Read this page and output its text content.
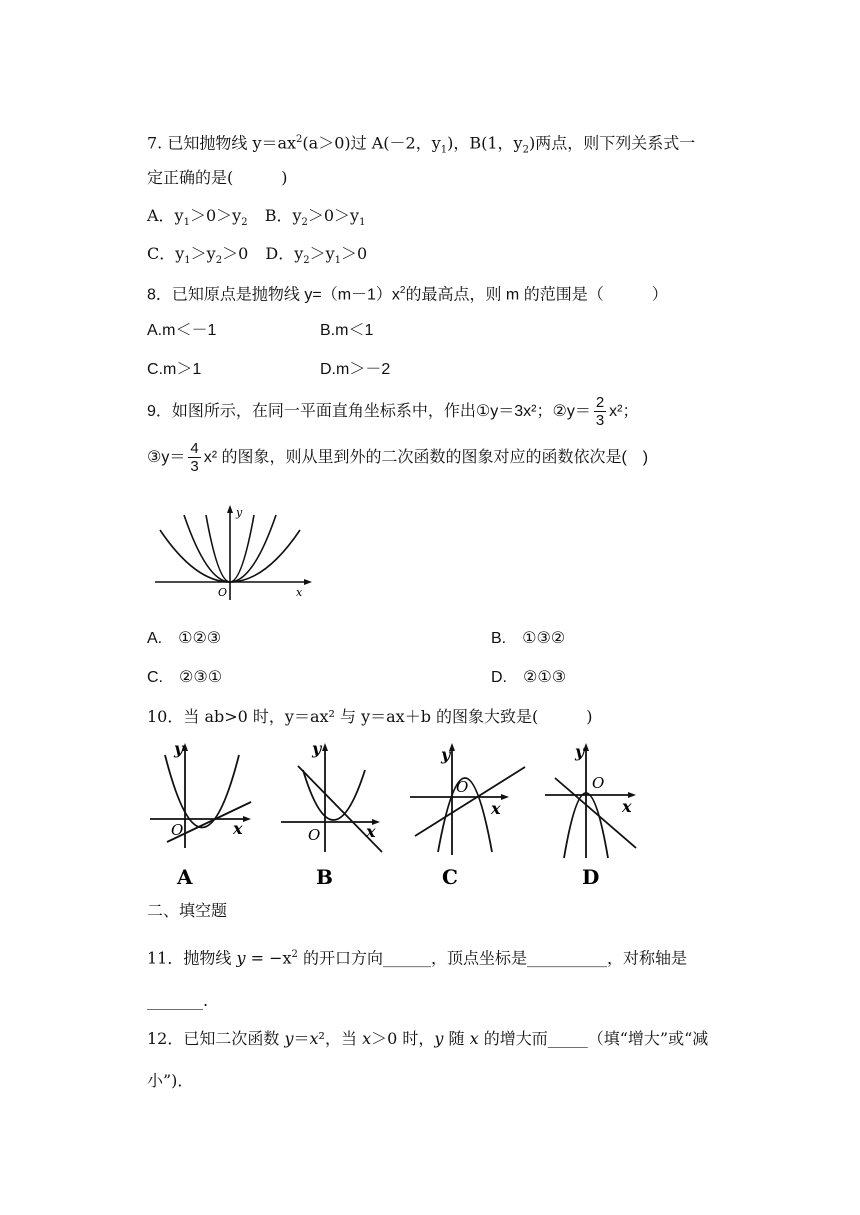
7. 已知抛物线 $y=ax^2(a>0)$过 A(－2，$y_1$)，B(1，$y_2$)两点，则下列关系式一
定正确的是(　　　)
A．$y_1>0>y_2$ B．$y_2>0>y_1$
C．$y_1>y_2>0$ D．$y_2>y_1>0$
8．已知原点是抛物线 $y=(m-1)x^2$的最高点，则 m 的范围是（　　　）
A.m＜－1	B.m＜1
C.m＞1	D.m＞－2
9．如图所示，在同一平面直角坐标系中，作出①y＝3x²；②y＝ $\frac{2}{3} x^2$；
③y＝ $\frac{4}{3} x^2$ 的图象，则从里到外的二次函数的图象对应的函数依次是(　)
y
x
O
A.　①②③	B.　①③②
C.　②③①	D.　②①③
10．当 ab>0 时，y＝ax² 与 y＝ax＋b 的图象大致是(　　　)
y
x
O
A
y
x
O
B
y
x
O
C
y
x
O
D
二、填空题
11．抛物线 $y = -x^2$ 的开口方向______，顶点坐标是__________，对称轴是
_______.
12．已知二次函数 y＝x²，当 x＞0 时，y 随 x 的增大而_____（填“增大”或“减
小”)．
